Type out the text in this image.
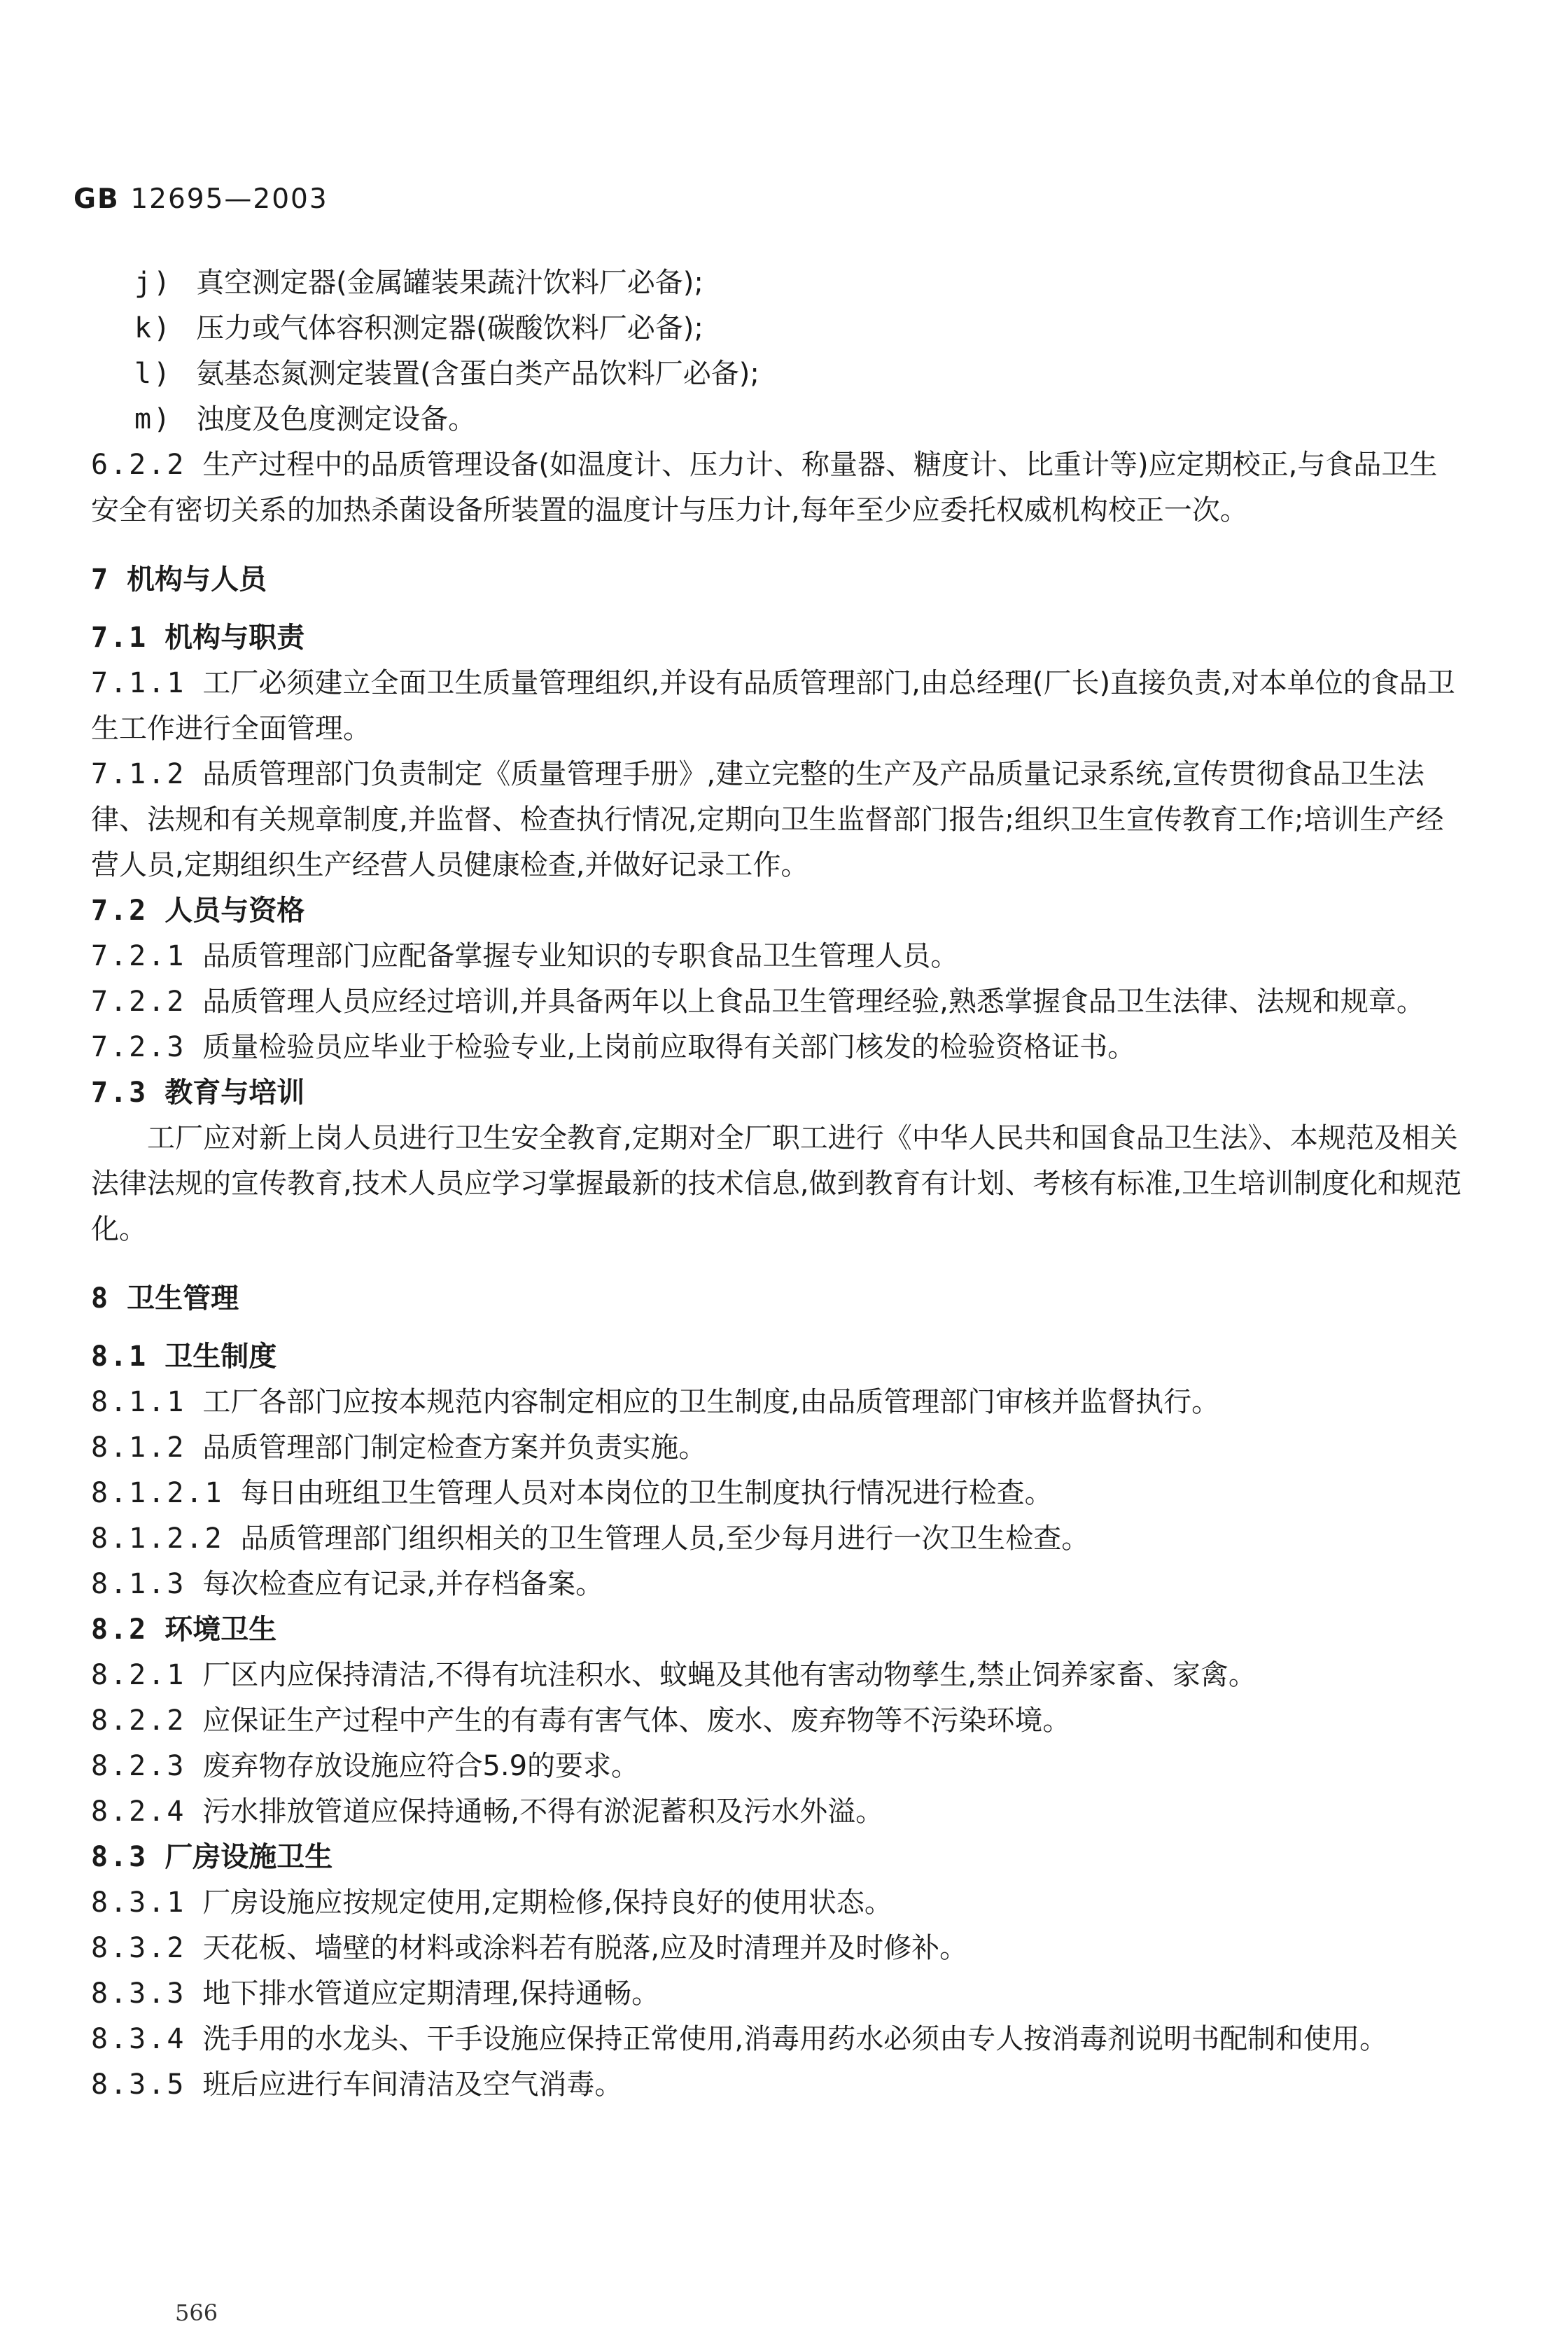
GB 12695—2003
j) 真空测定器(金属罐装果蔬汁饮料厂必备);
k) 压力或气体容积测定器(碳酸饮料厂必备);
l) 氨基态氮测定装置(含蛋白类产品饮料厂必备);
m) 浊度及色度测定设备。
6.2.2 生产过程中的品质管理设备(如温度计、压力计、称量器、糖度计、比重计等)应定期校正,与食品卫生安全有密切关系的加热杀菌设备所装置的温度计与压力计,每年至少应委托权威机构校正一次。
7 机构与人员
7.1 机构与职责
7.1.1 工厂必须建立全面卫生质量管理组织,并设有品质管理部门,由总经理(厂长)直接负责,对本单位的食品卫生工作进行全面管理。
7.1.2 品质管理部门负责制定《质量管理手册》,建立完整的生产及产品质量记录系统,宣传贯彻食品卫生法律、法规和有关规章制度,并监督、检查执行情况,定期向卫生监督部门报告;组织卫生宣传教育工作;培训生产经营人员,定期组织生产经营人员健康检查,并做好记录工作。
7.2 人员与资格
7.2.1 品质管理部门应配备掌握专业知识的专职食品卫生管理人员。
7.2.2 品质管理人员应经过培训,并具备两年以上食品卫生管理经验,熟悉掌握食品卫生法律、法规和规章。
7.2.3 质量检验员应毕业于检验专业,上岗前应取得有关部门核发的检验资格证书。
7.3 教育与培训
工厂应对新上岗人员进行卫生安全教育,定期对全厂职工进行《中华人民共和国食品卫生法》、本规范及相关法律法规的宣传教育,技术人员应学习掌握最新的技术信息,做到教育有计划、考核有标准,卫生培训制度化和规范化。
8 卫生管理
8.1 卫生制度
8.1.1 工厂各部门应按本规范内容制定相应的卫生制度,由品质管理部门审核并监督执行。
8.1.2 品质管理部门制定检查方案并负责实施。
8.1.2.1 每日由班组卫生管理人员对本岗位的卫生制度执行情况进行检查。
8.1.2.2 品质管理部门组织相关的卫生管理人员,至少每月进行一次卫生检查。
8.1.3 每次检查应有记录,并存档备案。
8.2 环境卫生
8.2.1 厂区内应保持清洁,不得有坑洼积水、蚊蝇及其他有害动物孳生,禁止饲养家畜、家禽。
8.2.2 应保证生产过程中产生的有毒有害气体、废水、废弃物等不污染环境。
8.2.3 废弃物存放设施应符合5.9的要求。
8.2.4 污水排放管道应保持通畅,不得有淤泥蓄积及污水外溢。
8.3 厂房设施卫生
8.3.1 厂房设施应按规定使用,定期检修,保持良好的使用状态。
8.3.2 天花板、墙壁的材料或涂料若有脱落,应及时清理并及时修补。
8.3.3 地下排水管道应定期清理,保持通畅。
8.3.4 洗手用的水龙头、干手设施应保持正常使用,消毒用药水必须由专人按消毒剂说明书配制和使用。
8.3.5 班后应进行车间清洁及空气消毒。
566
